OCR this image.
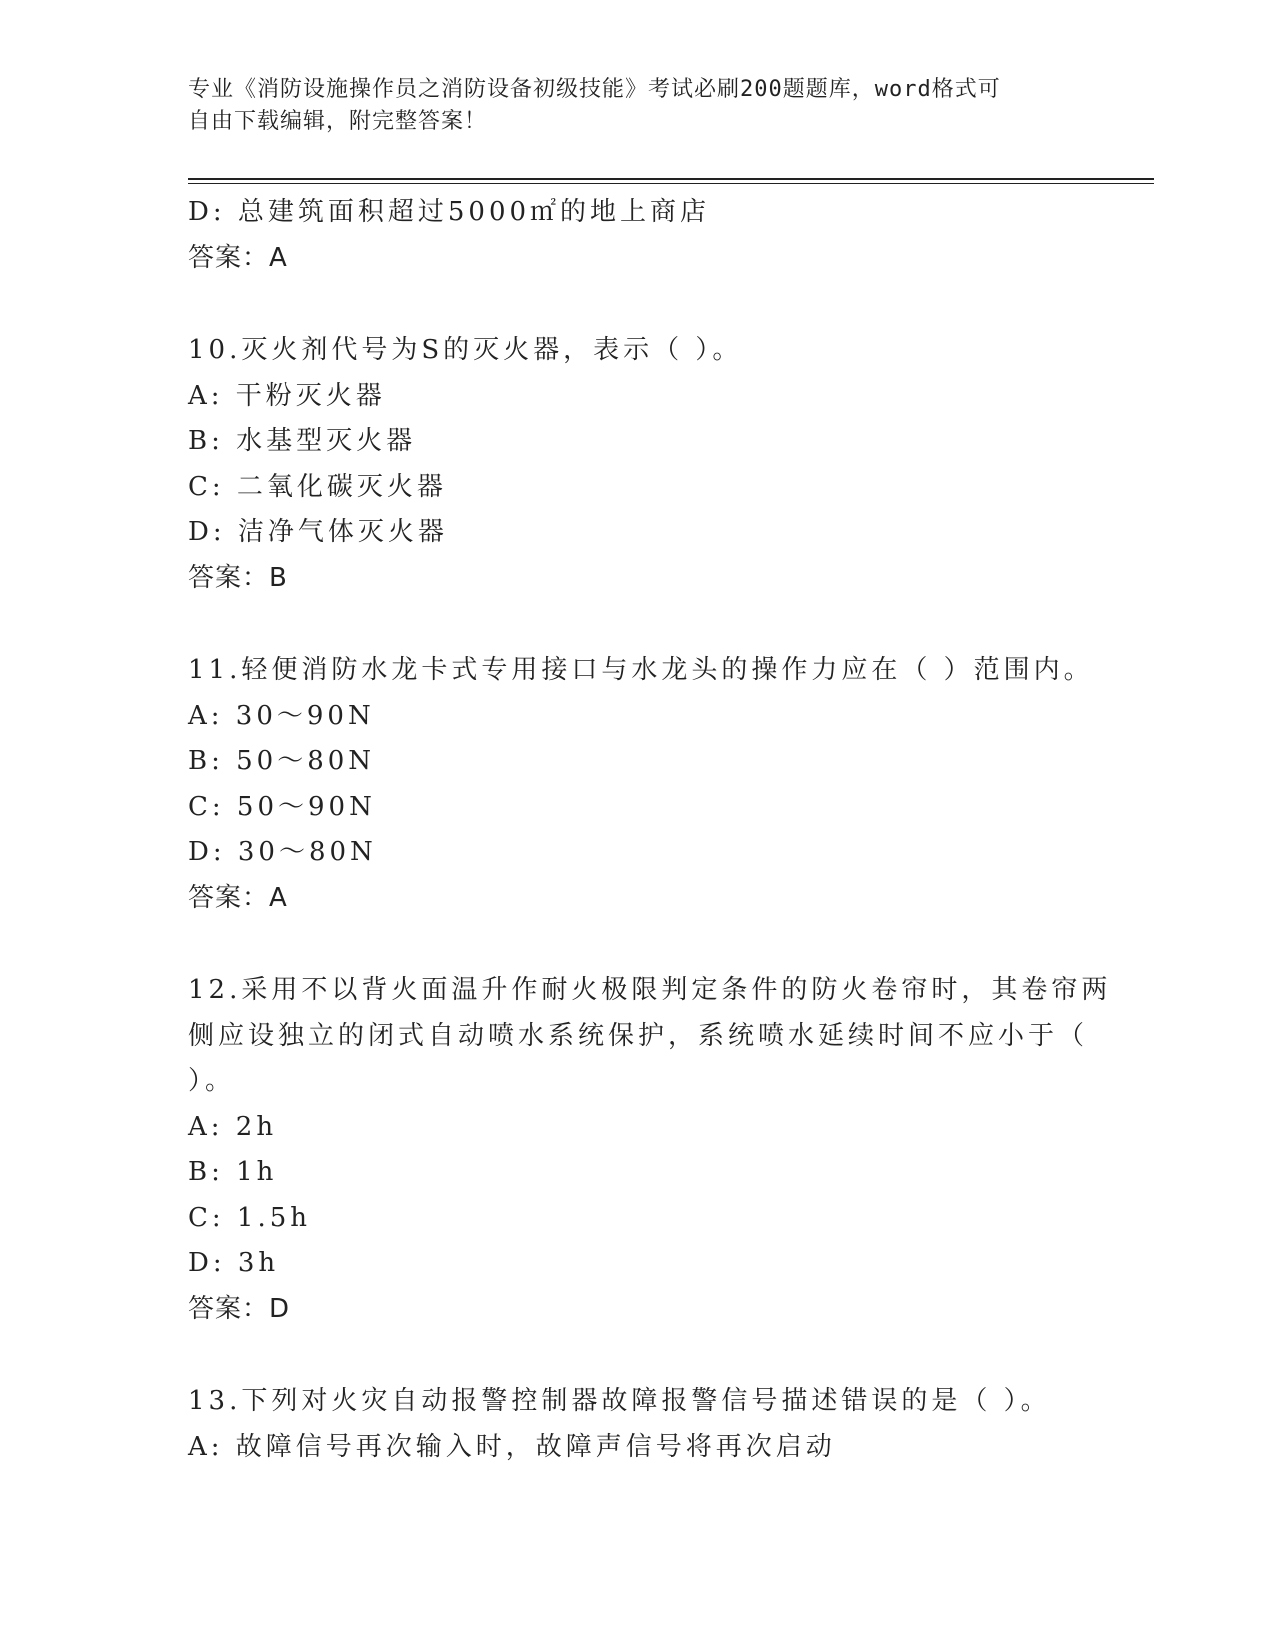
专业《消防设施操作员之消防设备初级技能》考试必刷200题题库，word格式可
自由下载编辑，附完整答案！
D: 总建筑面积超过5000㎡的地上商店
答案：A
10.灭火剂代号为S的灭火器，表示（ ）。
A: 干粉灭火器
B: 水基型灭火器
C: 二氧化碳灭火器
D: 洁净气体灭火器
答案：B
11.轻便消防水龙卡式专用接口与水龙头的操作力应在（ ）范围内。
A: 30～90N
B: 50～80N
C: 50～90N
D: 30～80N
答案：A
12.采用不以背火面温升作耐火极限判定条件的防火卷帘时，其卷帘两
侧应设独立的闭式自动喷水系统保护，系统喷水延续时间不应小于（
）。
A: 2h
B: 1h
C: 1.5h
D: 3h
答案：D
13.下列对火灾自动报警控制器故障报警信号描述错误的是（ ）。
A: 故障信号再次输入时，故障声信号将再次启动
